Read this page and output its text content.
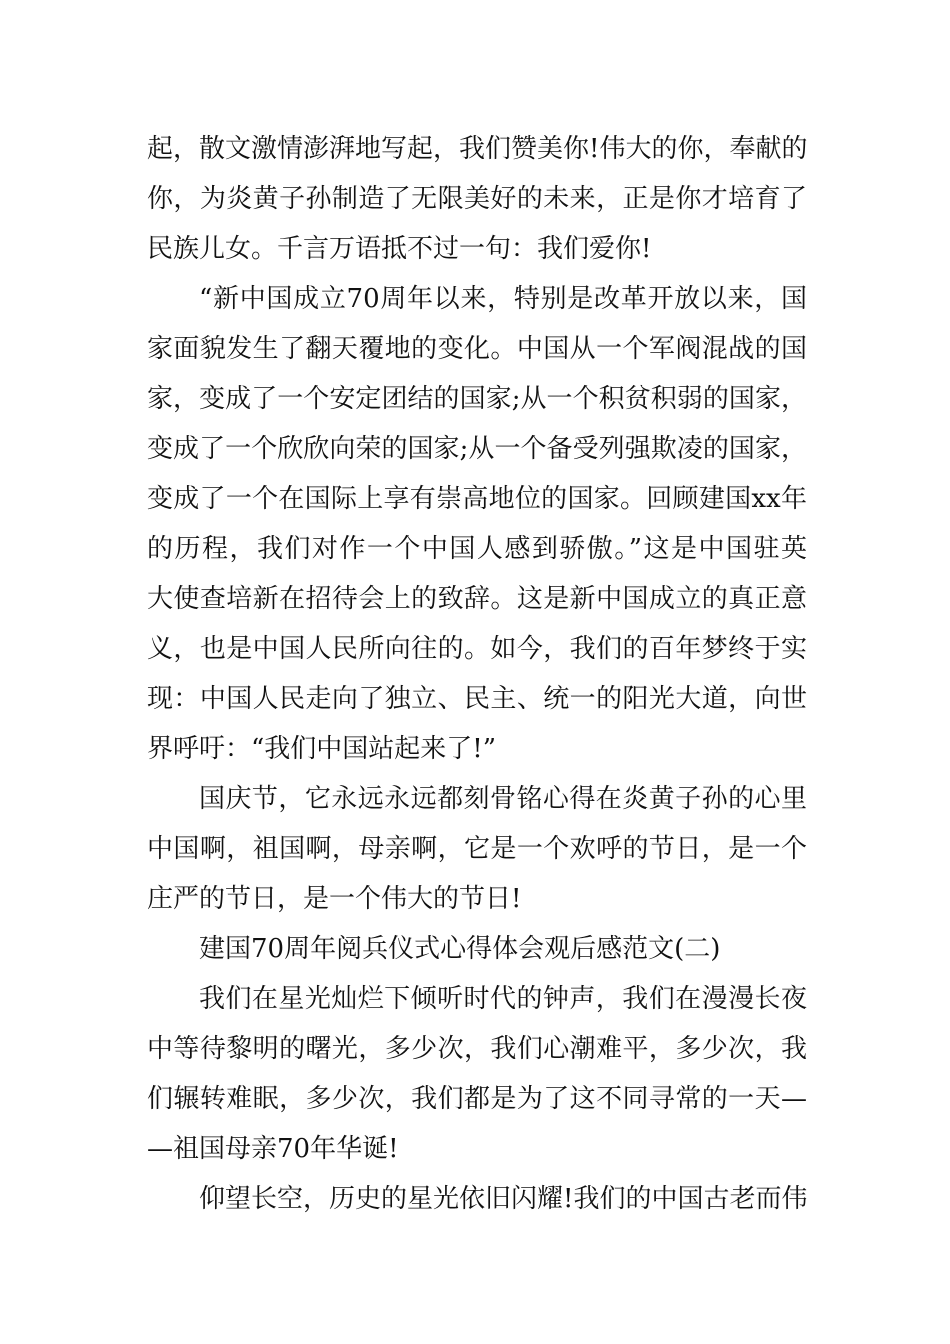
起，散文激情澎湃地写起，我们赞美你!伟大的你，奉献的
你，为炎黄子孙制造了无限美好的未来，正是你才培育了
民族儿女。千言万语抵不过一句：我们爱你!
“新中国成立70周年以来，特别是改革开放以来，国
家面貌发生了翻天覆地的变化。中国从一个军阀混战的国
家，变成了一个安定团结的国家;从一个积贫积弱的国家，
变成了一个欣欣向荣的国家;从一个备受列强欺凌的国家，
变成了一个在国际上享有崇高地位的国家。回顾建国xx年
的历程，我们对作一个中国人感到骄傲。”这是中国驻英
大使查培新在招待会上的致辞。这是新中国成立的真正意
义，也是中国人民所向往的。如今，我们的百年梦终于实
现：中国人民走向了独立、民主、统一的阳光大道，向世
界呼吁：“我们中国站起来了!”
国庆节，它永远永远都刻骨铭心得在炎黄子孙的心里
中国啊，祖国啊，母亲啊，它是一个欢呼的节日，是一个
庄严的节日，是一个伟大的节日!
建国70周年阅兵仪式心得体会观后感范文(二)
我们在星光灿烂下倾听时代的钟声，我们在漫漫长夜
中等待黎明的曙光，多少次，我们心潮难平，多少次，我
们辗转难眠，多少次，我们都是为了这不同寻常的一天—
—祖国母亲70年华诞!
仰望长空，历史的星光依旧闪耀!我们的中国古老而伟
